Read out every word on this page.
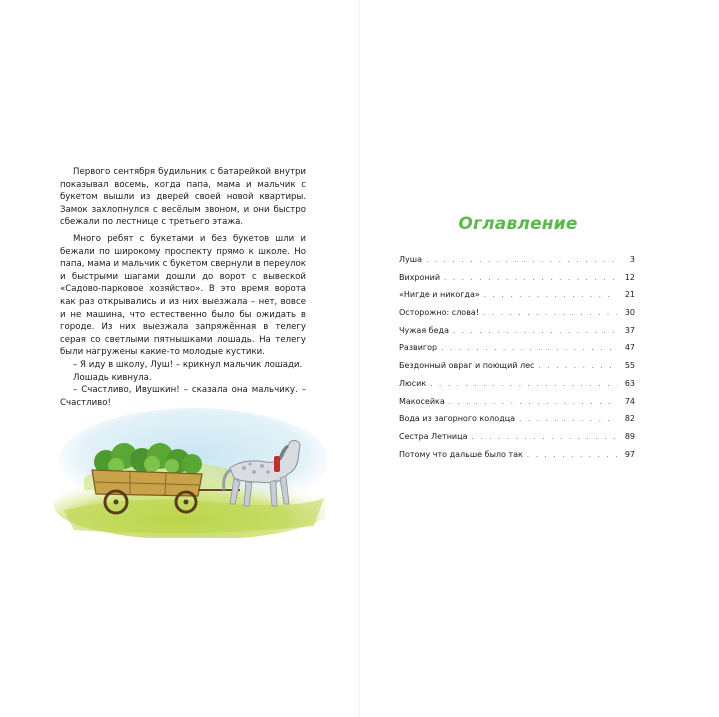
Первого сентября будильник с батарейкой внутри показывал восемь, когда папа, мама и мальчик с букетом вышли из дверей своей новой квартиры. Замок захлопнулся с весёлым звоном, и они быстро сбежали по лестнице с третьего этажа.

Много ребят с букетами и без букетов шли и бежали по широкому проспекту прямо к школе. Но папа, мама и мальчик с букетом свернули в переулок и быстрыми шагами дошли до ворот с вывеской «Садово-парковое хозяйство». В это время ворота как раз открывались и из них выезжала – нет, вовсе и не машина, что естественно было бы ожидать в городе. Из них выезжала запряжённая в телегу серая со светлыми пятнышками лошадь. На телегу были нагружены какие-то молодые кустики.

– Я иду в школу, Луш! – крикнул мальчик лошади.

Лошадь кивнула.

– Счастливо, Ивушкин! – сказала она мальчику. – Счастливо!

Оглавление
Луша . . .	3
Вихроний . . .	12
«Нигде и никогда» . . .	21
Осторожно: слова! . . .	30
Чужая беда . . .	37
Развигор . . .	47
Бездонный овраг и поющий лес . . .	55
Люсик . . .	63
Макосейка . . .	74
Вода из загорного колодца . . .	82
Сестра Летница . . .	89
Потому что дальше было так . . .	97
